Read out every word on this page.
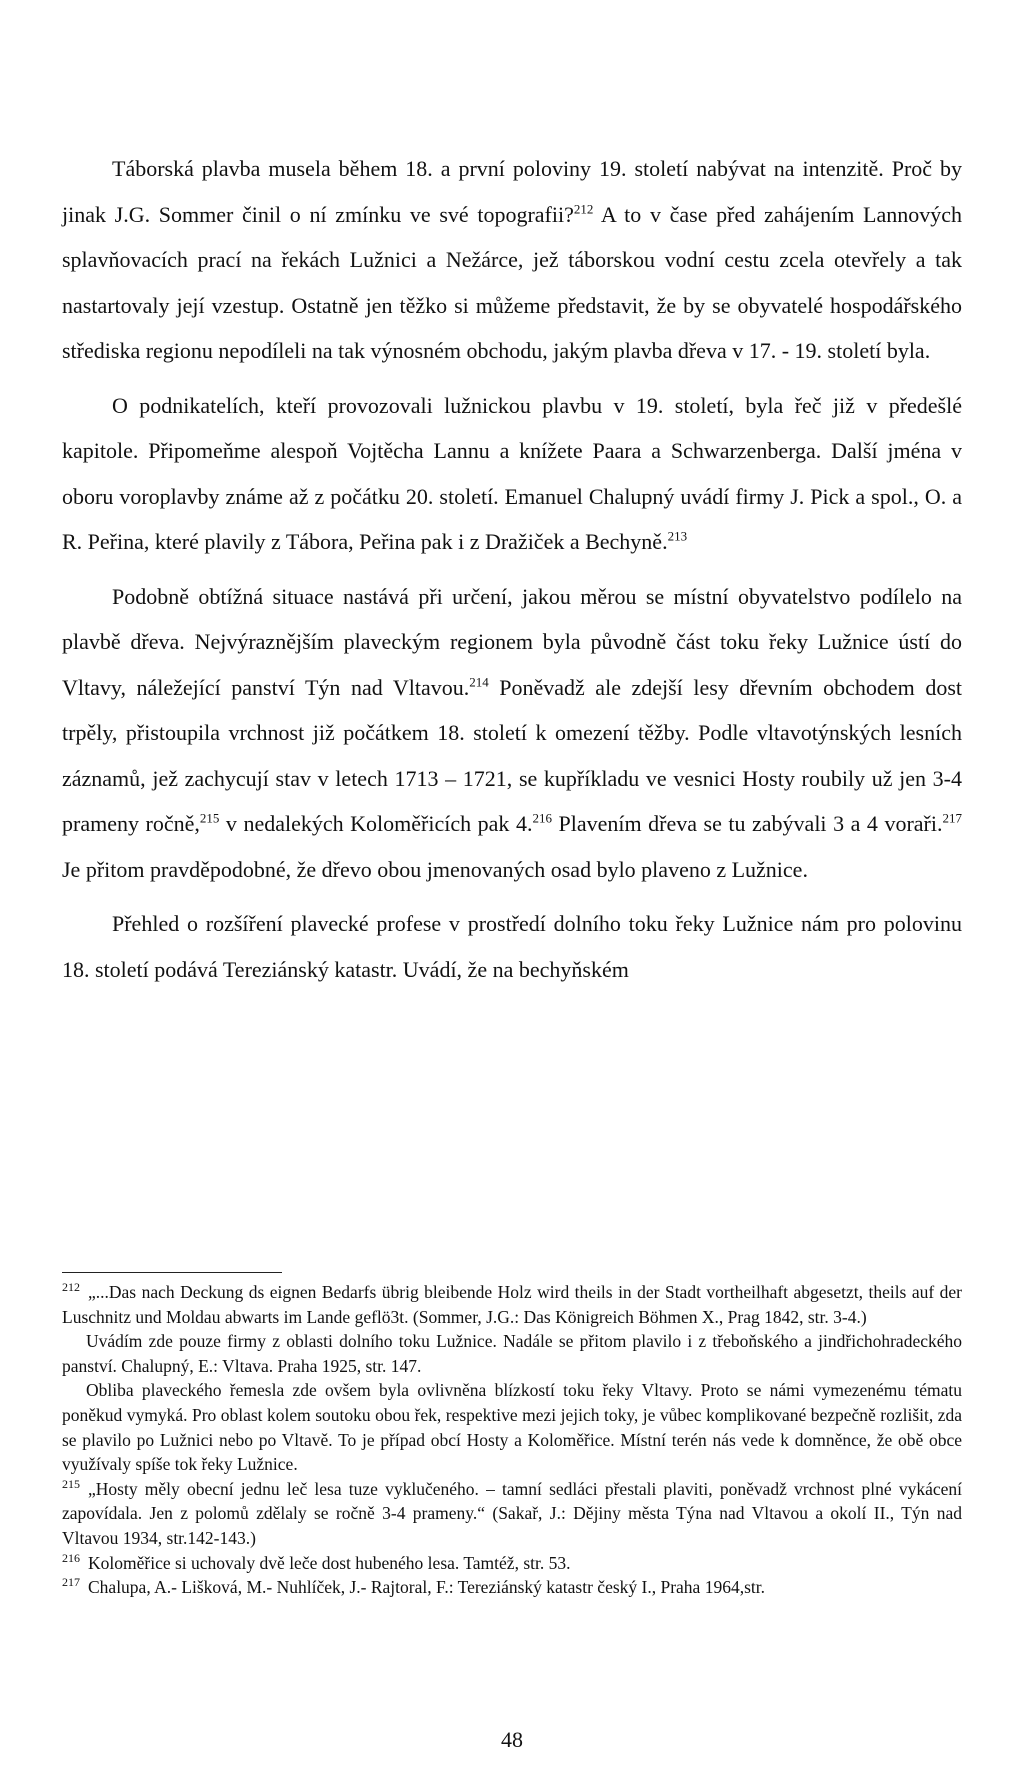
Táborská plavba musela během 18. a první poloviny 19. století nabývat na intenzitě. Proč by jinak J.G. Sommer činil o ní zmínku ve své topografii?$^{212}$ A to v čase před zahájením Lannových splavňovacích prací na řekách Lužnici a Nežárce, jež táborskou vodní cestu zcela otevřely a tak nastartovaly její vzestup. Ostatně jen těžko si můžeme představit, že by se obyvatelé hospodářského střediska regionu nepodíleli na tak výnosném obchodu, jakým plavba dřeva v 17. - 19. století byla.

O podnikatelích, kteří provozovali lužnickou plavbu v 19. století, byla řeč již v předešlé kapitole. Připomeňme alespoň Vojtěcha Lannu a knížete Paara a Schwarzenberga. Další jména v oboru voroplavby známe až z počátku 20. století. Emanuel Chalupný uvádí firmy J. Pick a spol., O. a R. Peřina, které plavily z Tábora, Peřina pak i z Dražiček a Bechyně.$^{213}$

Podobně obtížná situace nastává při určení, jakou měrou se místní obyvatelstvo podílelo na plavbě dřeva. Nejvýraznějším plaveckým regionem byla původně část toku řeky Lužnice ústí do Vltavy, náležející panství Týn nad Vltavou.$^{214}$ Poněvadž ale zdejší lesy dřevním obchodem dost trpěly, přistoupila vrchnost již počátkem 18. století k omezení těžby. Podle vltavotýnských lesních záznamů, jež zachycují stav v letech 1713 – 1721, se kupříkladu ve vesnici Hosty roubily už jen 3-4 prameny ročně,$^{215}$ v nedalekých Koloměřicích pak 4.$^{216}$ Plavením dřeva se tu zabývali 3 a 4 voraři.$^{217}$ Je přitom pravděpodobné, že dřevo obou jmenovaných osad bylo plaveno z Lužnice.

Přehled o rozšíření plavecké profese v prostředí dolního toku řeky Lužnice nám pro polovinu 18. století podává Tereziánský katastr. Uvádí, že na bechyňském

$^{212}$ „...Das nach Deckung ds eignen Bedarfs übrig bleibende Holz wird theils in der Stadt vortheilhaft abgesetzt, theils auf der Luschnitz und Moldau abwarts im Lande geflö3t. (Sommer, J.G.: Das Königreich Böhmen X., Prag 1842, str. 3-4.)

Uvádím zde pouze firmy z oblasti dolního toku Lužnice. Nadále se přitom plavilo i z třeboňského a jindřichohradeckého panství. Chalupný, E.: Vltava. Praha 1925, str. 147.

Obliba plaveckého řemesla zde ovšem byla ovlivněna blízkostí toku řeky Vltavy. Proto se námi vymezenému tématu poněkud vymyká. Pro oblast kolem soutoku obou řek, respektive mezi jejich toky, je vůbec komplikované bezpečně rozlišit, zda se plavilo po Lužnici nebo po Vltavě. To je případ obcí Hosty a Koloměřice. Místní terén nás vede k domněnce, že obě obce využívaly spíše tok řeky Lužnice.

$^{215}$ „Hosty měly obecní jednu leč lesa tuze vyklučeného. – tamní sedláci přestali plaviti, poněvadž vrchnost plné vykácení zapovídala. Jen z polomů zdělaly se ročně 3-4 prameny.“ (Sakař, J.: Dějiny města Týna nad Vltavou a okolí II., Týn nad Vltavou 1934, str.142-143.)

$^{216}$ Koloměřice si uchovaly dvě leče dost hubeného lesa. Tamtéž, str. 53.

$^{217}$ Chalupa, A.- Lišková, M.- Nuhlíček, J.- Rajtoral, F.: Tereziánský katastr český I., Praha 1964,str.

48
